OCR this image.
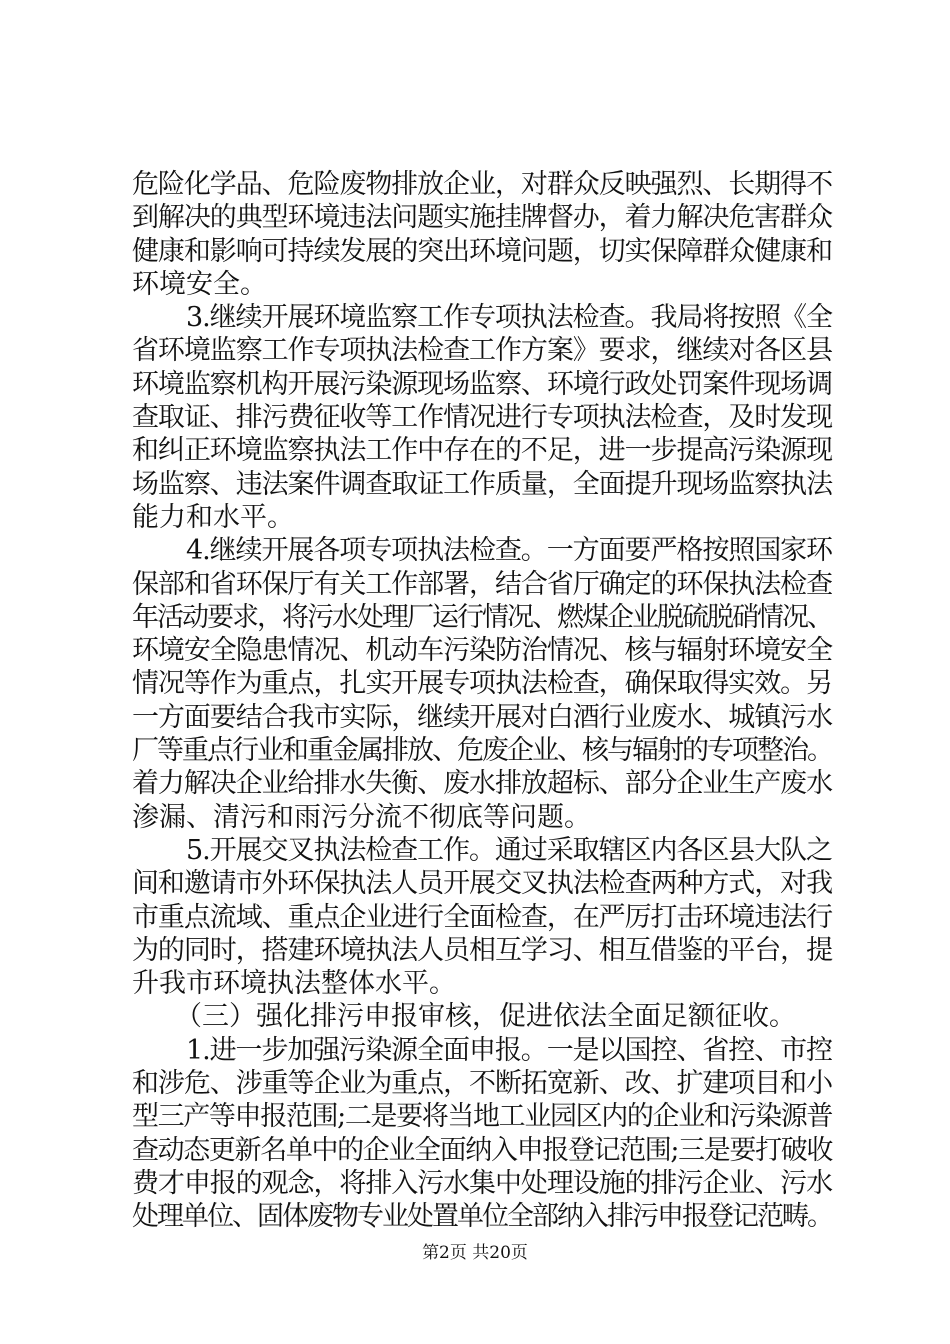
危险化学品、危险废物排放企业，对群众反映强烈、长期得不
到解决的典型环境违法问题实施挂牌督办，着力解决危害群众
健康和影响可持续发展的突出环境问题，切实保障群众健康和
环境安全。
3.继续开展环境监察工作专项执法检查。我局将按照《全
省环境监察工作专项执法检查工作方案》要求，继续对各区县
环境监察机构开展污染源现场监察、环境行政处罚案件现场调
查取证、排污费征收等工作情况进行专项执法检查，及时发现
和纠正环境监察执法工作中存在的不足，进一步提高污染源现
场监察、违法案件调查取证工作质量，全面提升现场监察执法
能力和水平。
4.继续开展各项专项执法检查。一方面要严格按照国家环
保部和省环保厅有关工作部署，结合省厅确定的环保执法检查
年活动要求，将污水处理厂运行情况、燃煤企业脱硫脱硝情况、
环境安全隐患情况、机动车污染防治情况、核与辐射环境安全
情况等作为重点，扎实开展专项执法检查，确保取得实效。另
一方面要结合我市实际，继续开展对白酒行业废水、城镇污水
厂等重点行业和重金属排放、危废企业、核与辐射的专项整治。
着力解决企业给排水失衡、废水排放超标、部分企业生产废水
渗漏、清污和雨污分流不彻底等问题。
5.开展交叉执法检查工作。通过采取辖区内各区县大队之
间和邀请市外环保执法人员开展交叉执法检查两种方式，对我
市重点流域、重点企业进行全面检查，在严厉打击环境违法行
为的同时，搭建环境执法人员相互学习、相互借鉴的平台，提
升我市环境执法整体水平。
（三）强化排污申报审核，促进依法全面足额征收。
1.进一步加强污染源全面申报。一是以国控、省控、市控
和涉危、涉重等企业为重点，不断拓宽新、改、扩建项目和小
型三产等申报范围;二是要将当地工业园区内的企业和污染源普
查动态更新名单中的企业全面纳入申报登记范围;三是要打破收
费才申报的观念，将排入污水集中处理设施的排污企业、污水
处理单位、固体废物专业处置单位全部纳入排污申报登记范畴。
第2页 共20页
